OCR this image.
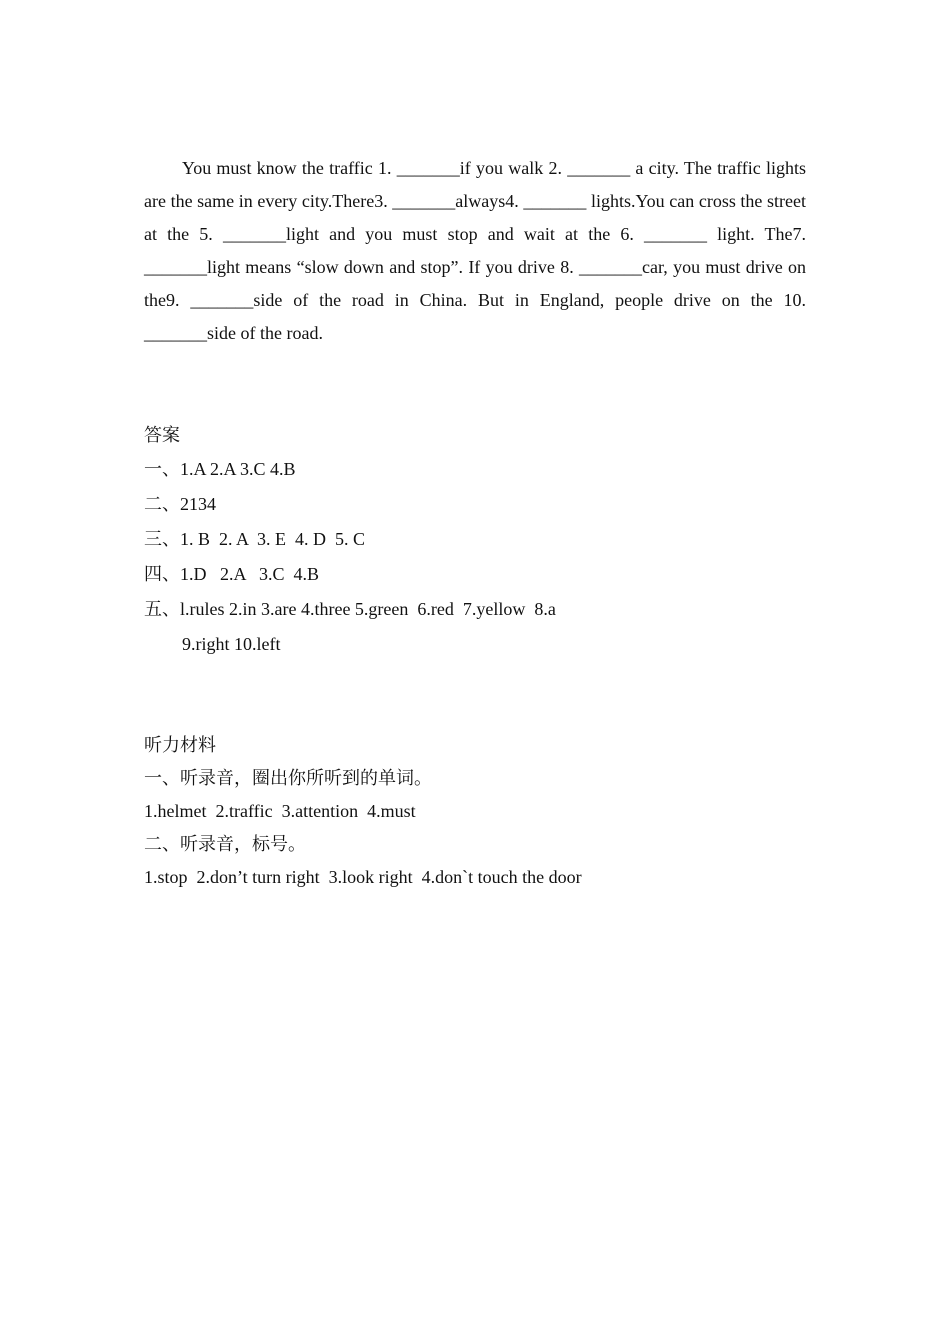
You must know the traffic 1. _______if you walk 2. _______ a city. The traffic lights are the same in every city.There3. _______always4. _______ lights.You can cross the street at the 5. _______light and you must stop and wait at the 6. _______ light. The7. _______light means “slow down and stop”. If you drive 8. _______car, you must drive on the9. _______side of the road in China. But in England, people drive on the 10. _______side of the road.

答案

一、1.A 2.A 3.C 4.B

二、2134

三、1. B  2. A  3. E  4. D  5. C

四、1.D   2.A   3.C  4.B

五、l.rules 2.in 3.are 4.three 5.green  6.red  7.yellow  8.a

9.right 10.left

听力材料

一、听录音，圈出你所听到的单词。

1.helmet  2.traffic  3.attention  4.must

二、听录音，标号。

1.stop  2.don’t turn right  3.look right  4.don`t touch the door
